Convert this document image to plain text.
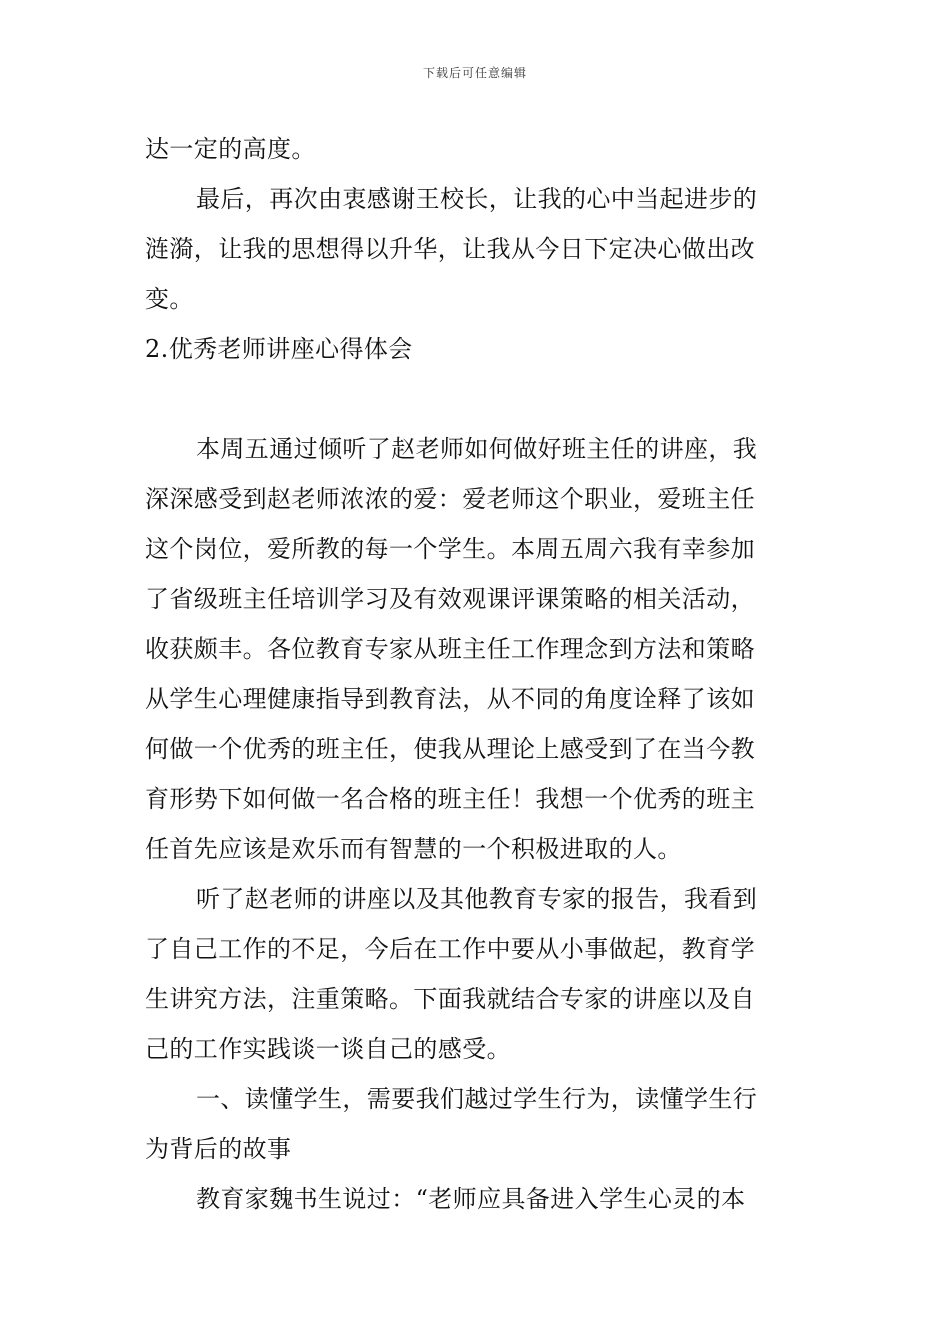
下载后可任意编辑
达一定的高度。
最后，再次由衷感谢王校长，让我的心中当起进步的
涟漪，让我的思想得以升华，让我从今日下定决心做出改
变。
2.优秀老师讲座心得体会
本周五通过倾听了赵老师如何做好班主任的讲座，我
深深感受到赵老师浓浓的爱：爱老师这个职业，爱班主任
这个岗位，爱所教的每一个学生。本周五周六我有幸参加
了省级班主任培训学习及有效观课评课策略的相关活动，
收获颇丰。各位教育专家从班主任工作理念到方法和策略
从学生心理健康指导到教育法，从不同的角度诠释了该如
何做一个优秀的班主任，使我从理论上感受到了在当今教
育形势下如何做一名合格的班主任！我想一个优秀的班主
任首先应该是欢乐而有智慧的一个积极进取的人。
听了赵老师的讲座以及其他教育专家的报告，我看到
了自己工作的不足，今后在工作中要从小事做起，教育学
生讲究方法，注重策略。下面我就结合专家的讲座以及自
己的工作实践谈一谈自己的感受。
一、读懂学生，需要我们越过学生行为，读懂学生行
为背后的故事
教育家魏书生说过：“老师应具备进入学生心灵的本
